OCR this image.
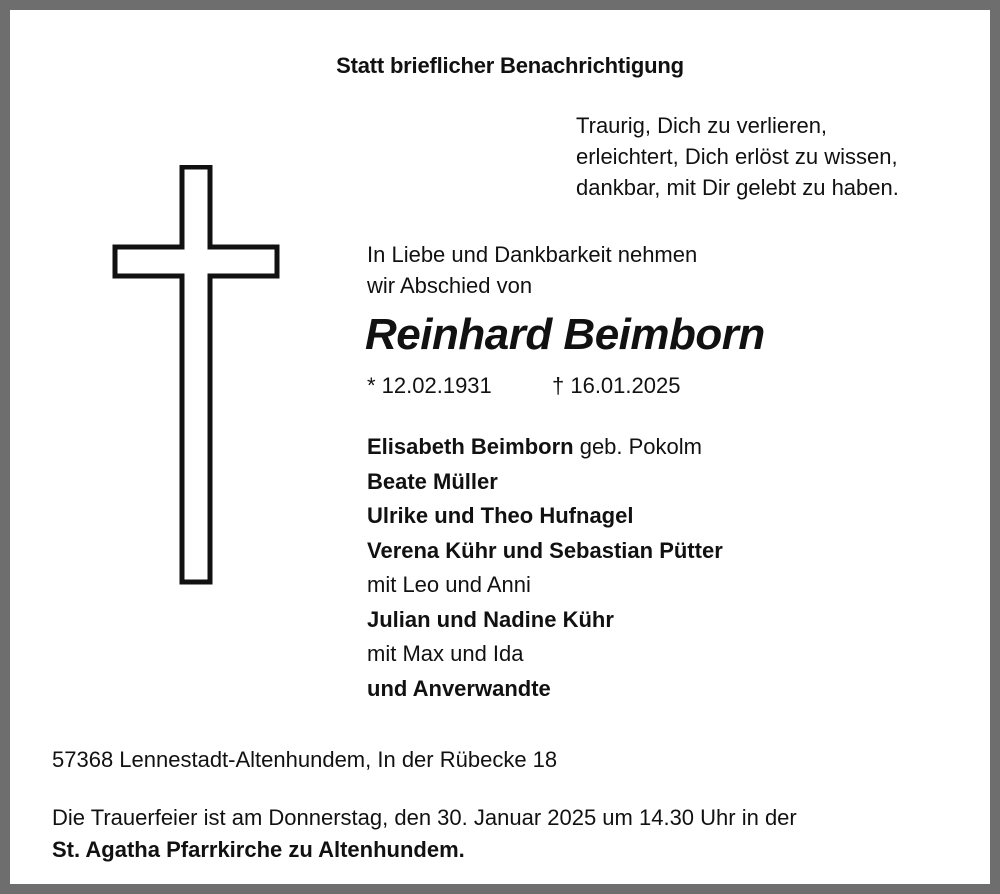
Statt brieflicher Benachrichtigung
Traurig, Dich zu verlieren,
erleichtert, Dich erlöst zu wissen,
dankbar, mit Dir gelebt zu haben.
In Liebe und Dankbarkeit nehmen
wir Abschied von
Reinhard Beimborn
* 12.02.1931	† 16.01.2025
Elisabeth Beimborn geb. Pokolm
Beate Müller
Ulrike und Theo Hufnagel
Verena Kühr und Sebastian Pütter
mit Leo und Anni
Julian und Nadine Kühr
mit Max und Ida
und Anverwandte
57368 Lennestadt-Altenhundem, In der Rübecke 18
Die Trauerfeier ist am Donnerstag, den 30. Januar 2025 um 14.30 Uhr in der
St. Agatha Pfarrkirche zu Altenhundem.
